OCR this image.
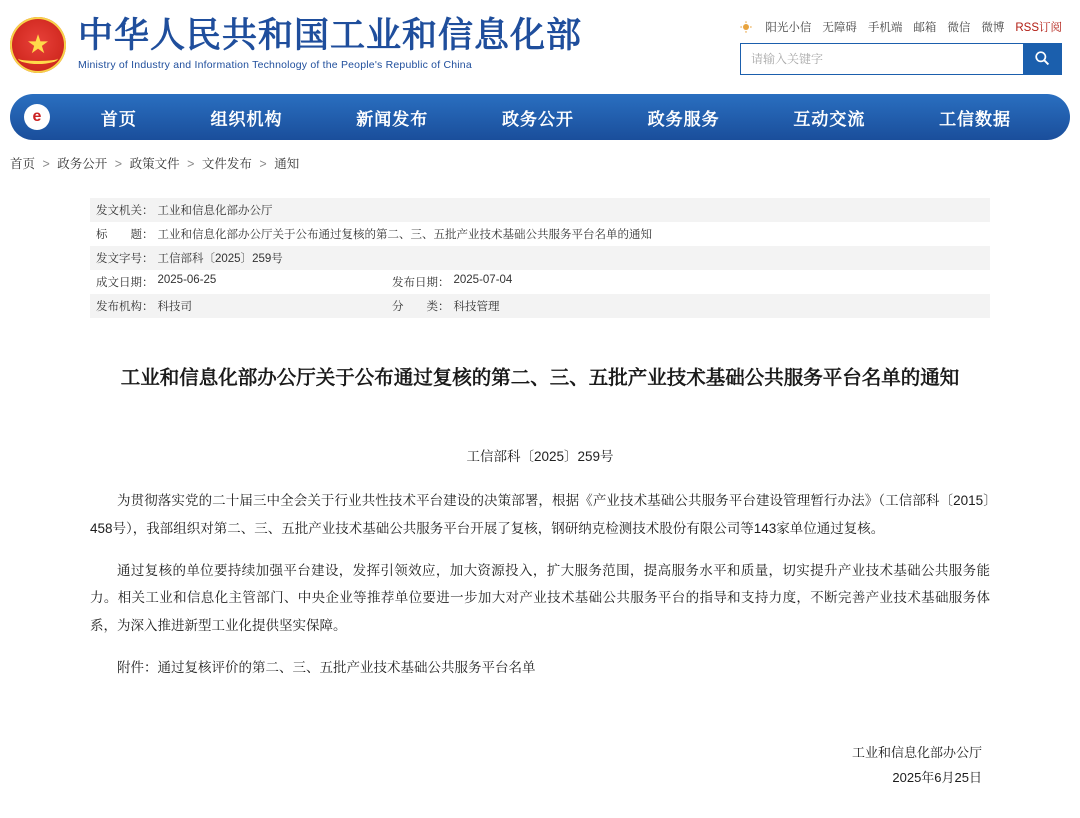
★
中华人民共和国工业和信息化部
Ministry of Industry and Information Technology of the People's Republic of China
阳光小信 无障碍 手机端 邮箱 微信 微博 RSS订阅
请输入关键字
e	首页	组织机构	新闻发布	政务公开	政务服务	互动交流	工信数据
首页 > 政务公开 > 政策文件 > 文件发布 > 通知
发文机关： 工业和信息化部办公厅
标　　题： 工业和信息化部办公厅关于公布通过复核的第二、三、五批产业技术基础公共服务平台名单的通知
发文字号： 工信部科〔2025〕259号
成文日期： 2025-06-25	发布日期： 2025-07-04
发布机构： 科技司	分　　类： 科技管理
工业和信息化部办公厅关于公布通过复核的第二、三、五批产业技术基础公共服务平台名单的通知
工信部科〔2025〕259号

为贯彻落实党的二十届三中全会关于行业共性技术平台建设的决策部署，根据《产业技术基础公共服务平台建设管理暂行办法》（工信部科〔2015〕458号），我部组织对第二、三、五批产业技术基础公共服务平台开展了复核，钢研纳克检测技术股份有限公司等143家单位通过复核。

通过复核的单位要持续加强平台建设，发挥引领效应，加大资源投入，扩大服务范围，提高服务水平和质量，切实提升产业技术基础公共服务能力。相关工业和信息化主管部门、中央企业等推荐单位要进一步加大对产业技术基础公共服务平台的指导和支持力度，不断完善产业技术基础服务体系，为深入推进新型工业化提供坚实保障。

附件：通过复核评价的第二、三、五批产业技术基础公共服务平台名单

工业和信息化部办公厅
2025年6月25日
